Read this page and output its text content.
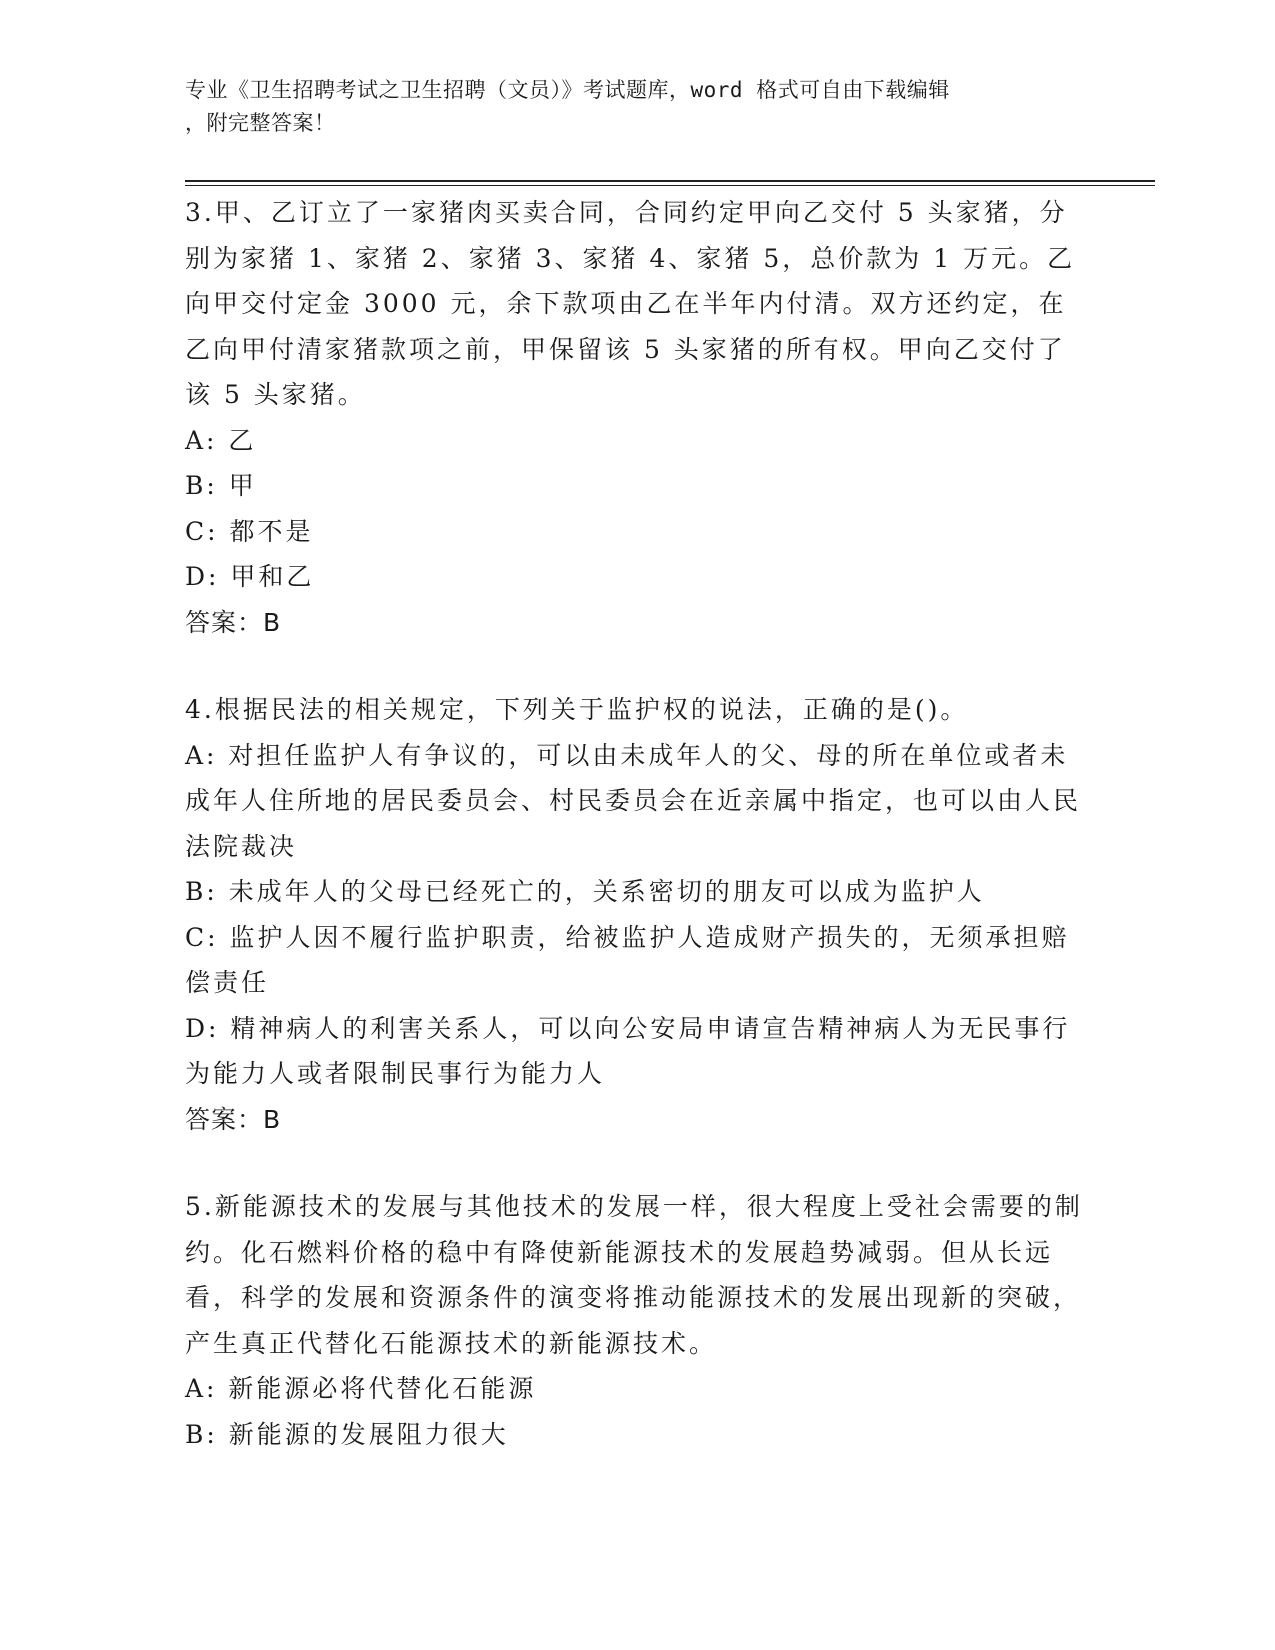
专业《卫生招聘考试之卫生招聘（文员）》考试题库，word 格式可自由下载编辑
，附完整答案！

3.甲、乙订立了一家猪肉买卖合同，合同约定甲向乙交付 5 头家猪，分别为家猪 1、家猪 2、家猪 3、家猪 4、家猪 5，总价款为 1 万元。乙向甲交付定金 3000 元，余下款项由乙在半年内付清。双方还约定，在乙向甲付清家猪款项之前，甲保留该 5 头家猪的所有权。甲向乙交付了该 5 头家猪。

A: 乙

B: 甲

C: 都不是

D: 甲和乙

答案：B

4.根据民法的相关规定，下列关于监护权的说法，正确的是()。

A: 对担任监护人有争议的，可以由未成年人的父、母的所在单位或者未成年人住所地的居民委员会、村民委员会在近亲属中指定，也可以由人民法院裁决

B: 未成年人的父母已经死亡的，关系密切的朋友可以成为监护人

C: 监护人因不履行监护职责，给被监护人造成财产损失的，无须承担赔偿责任

D: 精神病人的利害关系人，可以向公安局申请宣告精神病人为无民事行为能力人或者限制民事行为能力人

答案：B

5.新能源技术的发展与其他技术的发展一样，很大程度上受社会需要的制约。化石燃料价格的稳中有降使新能源技术的发展趋势减弱。但从长远看，科学的发展和资源条件的演变将推动能源技术的发展出现新的突破，产生真正代替化石能源技术的新能源技术。

A: 新能源必将代替化石能源

B: 新能源的发展阻力很大
